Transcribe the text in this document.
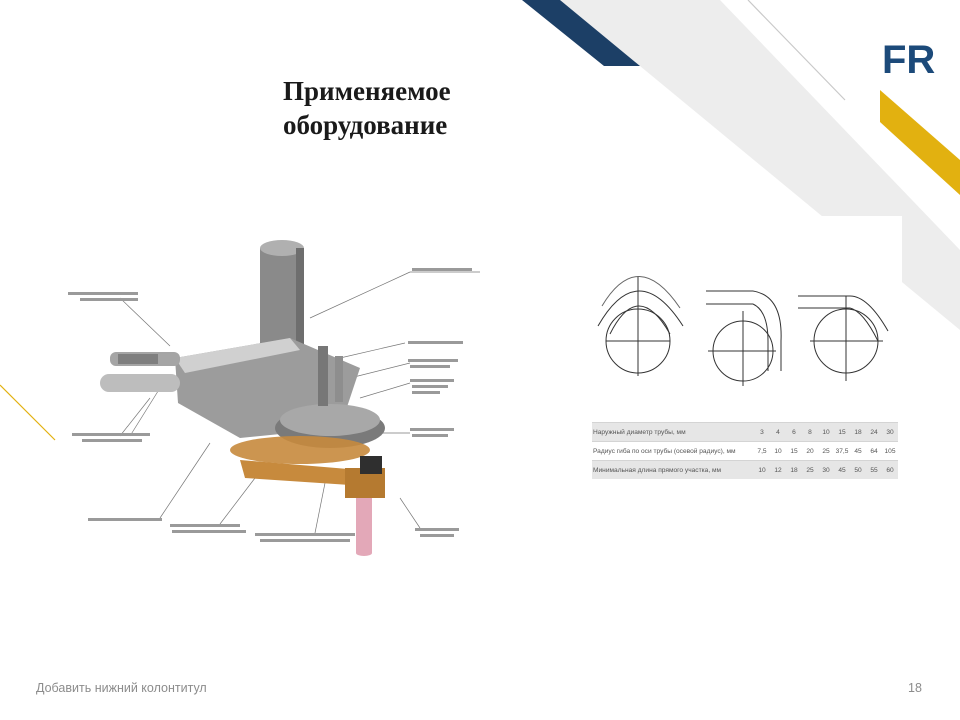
FR
Применяемое
оборудование
Наружный диаметр трубы, мм	3	4	6	8	10	15	18	24	30
Радиус гиба по оси трубы (осевой радиус), мм	7,5	10	15	20	25	37,5	45	64	105
Минимальная длина прямого участка, мм	10	12	18	25	30	45	50	55	60
Добавить нижний колонтитул	18
